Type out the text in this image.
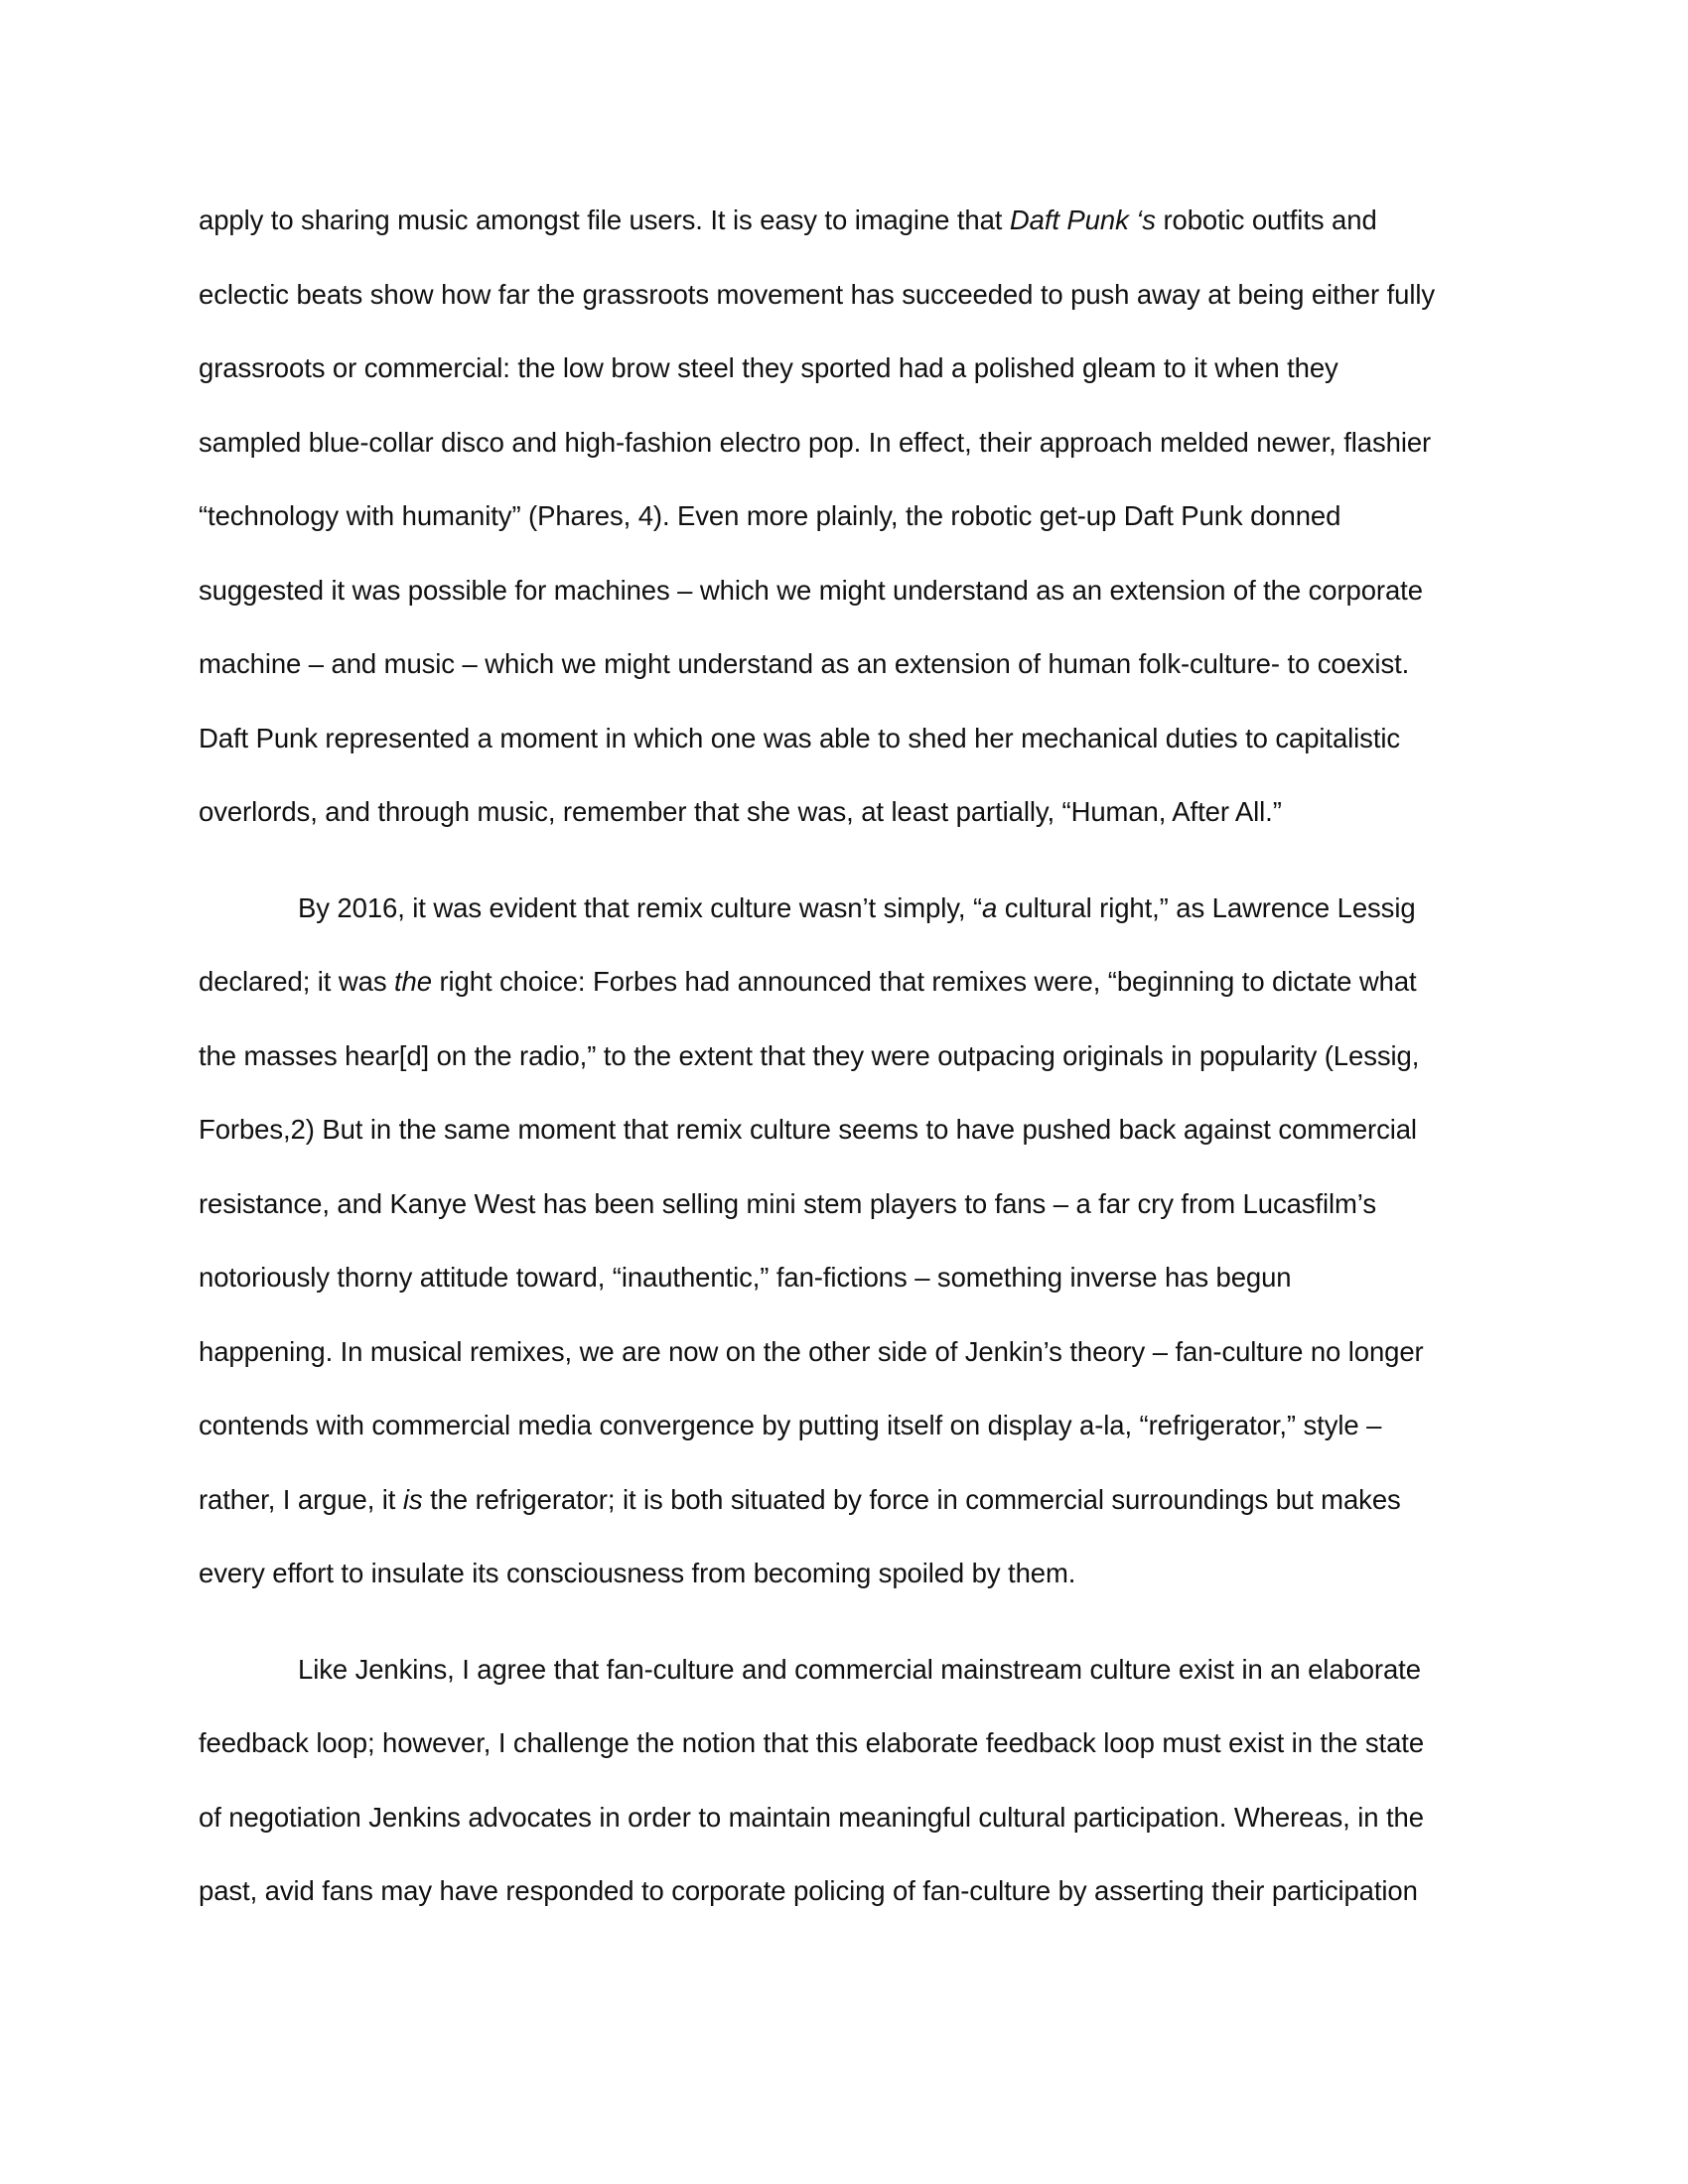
apply to sharing music amongst file users. It is easy to imagine that Daft Punk ‘s robotic outfits and
eclectic beats show how far the grassroots movement has succeeded to push away at being either fully
grassroots or commercial: the low brow steel they sported had a polished gleam to it when they
sampled blue-collar disco and high-fashion electro pop. In effect, their approach melded newer, flashier
“technology with humanity” (Phares, 4). Even more plainly, the robotic get-up Daft Punk donned
suggested it was possible for machines – which we might understand as an extension of the corporate
machine – and music – which we might understand as an extension of human folk-culture- to coexist.
Daft Punk represented a moment in which one was able to shed her mechanical duties to capitalistic
overlords, and through music, remember that she was, at least partially, “Human, After All.”
By 2016, it was evident that remix culture wasn’t simply, “a cultural right,” as Lawrence Lessig
declared; it was the right choice: Forbes had announced that remixes were, “beginning to dictate what
the masses hear[d] on the radio,” to the extent that they were outpacing originals in popularity (Lessig,
Forbes,2) But in the same moment that remix culture seems to have pushed back against commercial
resistance, and Kanye West has been selling mini stem players to fans – a far cry from Lucasfilm’s
notoriously thorny attitude toward, “inauthentic,” fan-fictions – something inverse has begun
happening. In musical remixes, we are now on the other side of Jenkin’s theory – fan-culture no longer
contends with commercial media convergence by putting itself on display a-la, “refrigerator,” style –
rather, I argue, it is the refrigerator; it is both situated by force in commercial surroundings but makes
every effort to insulate its consciousness from becoming spoiled by them.
Like Jenkins, I agree that fan-culture and commercial mainstream culture exist in an elaborate
feedback loop; however, I challenge the notion that this elaborate feedback loop must exist in the state
of negotiation Jenkins advocates in order to maintain meaningful cultural participation. Whereas, in the
past, avid fans may have responded to corporate policing of fan-culture by asserting their participation
